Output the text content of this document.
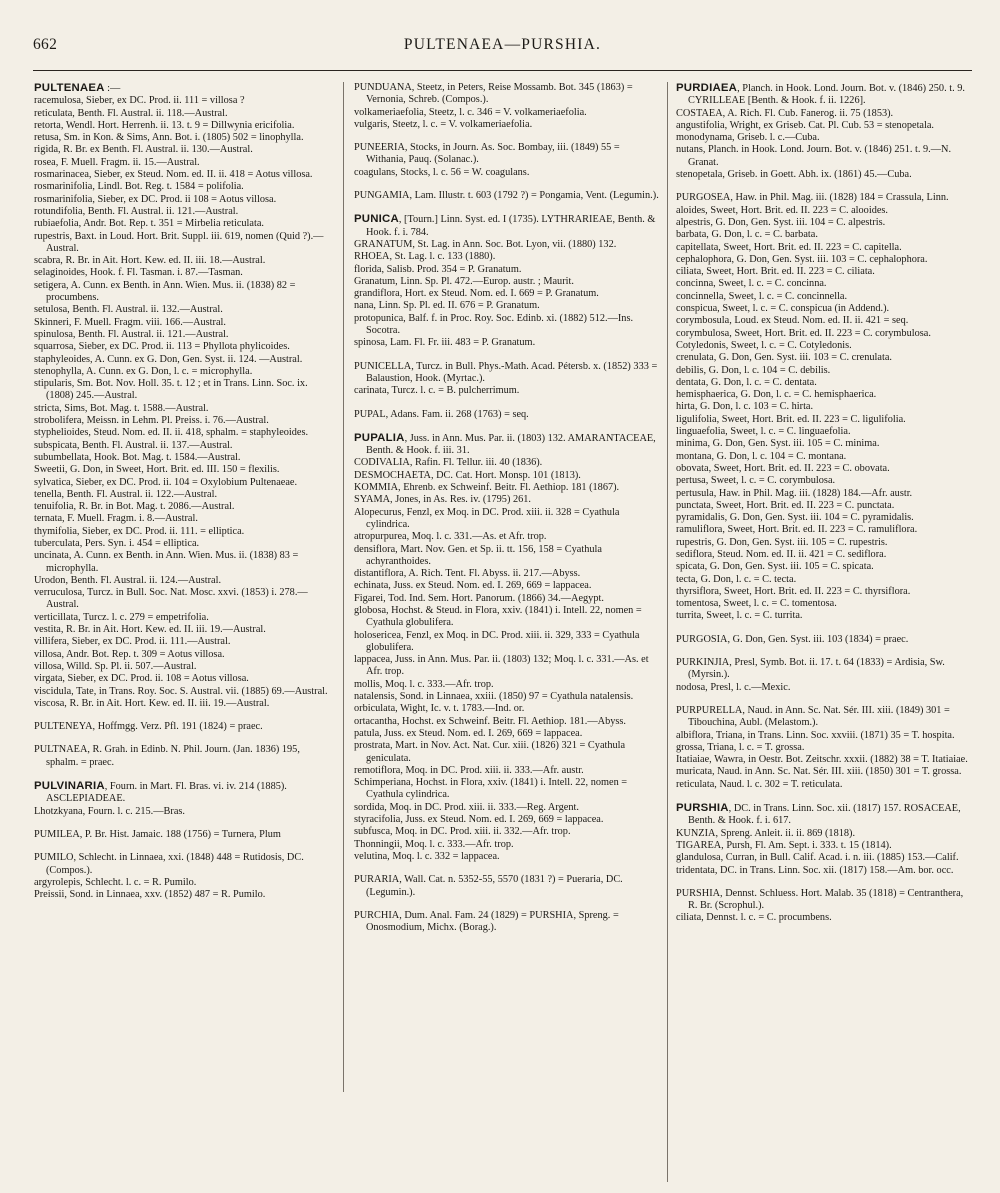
662	PULTENAEA—PURSHIA.

PULTENAEA :—

racemulosa, Sieber, ex DC. Prod. ii. 111 = villosa ?

reticulata, Benth. Fl. Austral. ii. 118.—Austral.

retorta, Wendl. Hort. Herrenh. ii. 13. t. 9 = Dillwynia ericifolia.

retusa, Sm. in Kon. & Sims, Ann. Bot. i. (1805) 502 = linophylla.

rigida, R. Br. ex Benth. Fl. Austral. ii. 130.—Austral.

rosea, F. Muell. Fragm. ii. 15.—Austral.

rosmarinacea, Sieber, ex Steud. Nom. ed. II. ii. 418 = Aotus villosa.

rosmarinifolia, Lindl. Bot. Reg. t. 1584 = polifolia.

rosmarinifolia, Sieber, ex DC. Prod. ii 108 = Aotus villosa.

rotundifolia, Benth. Fl. Austral. ii. 121.—Austral.

rubiaefolia, Andr. Bot. Rep. t. 351 = Mirbelia reticulata.

rupestris, Baxt. in Loud. Hort. Brit. Suppl. iii. 619, nomen (Quid ?).—Austral.

scabra, R. Br. in Ait. Hort. Kew. ed. II. iii. 18.—Austral.

selaginoides, Hook. f. Fl. Tasman. i. 87.—Tasman.

setigera, A. Cunn. ex Benth. in Ann. Wien. Mus. ii. (1838) 82 = procumbens.

setulosa, Benth. Fl. Austral. ii. 132.—Austral.

Skinneri, F. Muell. Fragm. viii. 166.—Austral.

spinulosa, Benth. Fl. Austral. ii. 121.—Austral.

squarrosa, Sieber, ex DC. Prod. ii. 113 = Phyllota phylicoides.

staphyleoides, A. Cunn. ex G. Don, Gen. Syst. ii. 124. —Austral.

stenophylla, A. Cunn. ex G. Don, l. c. = microphylla.

stipularis, Sm. Bot. Nov. Holl. 35. t. 12 ; et in Trans. Linn. Soc. ix. (1808) 245.—Austral.

stricta, Sims, Bot. Mag. t. 1588.—Austral.

strobolifera, Meissn. in Lehm. Pl. Preiss. i. 76.—Austral.

styphelioides, Steud. Nom. ed. II. ii. 418, sphalm. = staphyleoides.

subspicata, Benth. Fl. Austral. ii. 137.—Austral.

subumbellata, Hook. Bot. Mag. t. 1584.—Austral.

Sweetii, G. Don, in Sweet, Hort. Brit. ed. III. 150 = flexilis.

sylvatica, Sieber, ex DC. Prod. ii. 104 = Oxylobium Pultenaeae.

tenella, Benth. Fl. Austral. ii. 122.—Austral.

tenuifolia, R. Br. in Bot. Mag. t. 2086.—Austral.

ternata, F. Muell. Fragm. i. 8.—Austral.

thymifolia, Sieber, ex DC. Prod. ii. 111. = elliptica.

tuberculata, Pers. Syn. i. 454 = elliptica.

uncinata, A. Cunn. ex Benth. in Ann. Wien. Mus. ii. (1838) 83 = microphylla.

Urodon, Benth. Fl. Austral. ii. 124.—Austral.

verruculosa, Turcz. in Bull. Soc. Nat. Mosc. xxvi. (1853) i. 278.—Austral.

verticillata, Turcz. l. c. 279 = empetrifolia.

vestita, R. Br. in Ait. Hort. Kew. ed. II. iii. 19.—Austral.

villifera, Sieber, ex DC. Prod. ii. 111.—Austral.

villosa, Andr. Bot. Rep. t. 309 = Aotus villosa.

villosa, Willd. Sp. Pl. ii. 507.—Austral.

virgata, Sieber, ex DC. Prod. ii. 108 = Aotus villosa.

viscidula, Tate, in Trans. Roy. Soc. S. Austral. vii. (1885) 69.—Austral.

viscosa, R. Br. in Ait. Hort. Kew. ed. II. iii. 19.—Austral.

PULTENEYA, Hoffmgg. Verz. Pfl. 191 (1824) = praec.

PULTNAEA, R. Grah. in Edinb. N. Phil. Journ. (Jan. 1836) 195, sphalm. = praec.

PULVINARIA, Fourn. in Mart. Fl. Bras. vi. iv. 214 (1885). ASCLEPIADEAE.

Lhotzkyana, Fourn. l. c. 215.—Bras.

PUMILEA, P. Br. Hist. Jamaic. 188 (1756) = Turnera, Plum

PUMILO, Schlecht. in Linnaea, xxi. (1848) 448 = Rutidosis, DC. (Compos.).

argyrolepis, Schlecht. l. c. = R. Pumilo.

Preissii, Sond. in Linnaea, xxv. (1852) 487 = R. Pumilo.

PUNDUANA, Steetz, in Peters, Reise Mossamb. Bot. 345 (1863) = Vernonia, Schreb. (Compos.).

volkameriaefolia, Steetz, l. c. 346 = V. volkameriaefolia.

vulgaris, Steetz, l. c. = V. volkameriaefolia.

PUNEERIA, Stocks, in Journ. As. Soc. Bombay, iii. (1849) 55 = Withania, Pauq. (Solanac.).

coagulans, Stocks, l. c. 56 = W. coagulans.

PUNGAMIA, Lam. Illustr. t. 603 (1792 ?) = Pongamia, Vent. (Legumin.).

PUNICA, [Tourn.] Linn. Syst. ed. I (1735). LYTHRARIEAE, Benth. & Hook. f. i. 784.

GRANATUM, St. Lag. in Ann. Soc. Bot. Lyon, vii. (1880) 132.

RHOEA, St. Lag. l. c. 133 (1880).

florida, Salisb. Prod. 354 = P. Granatum.

Granatum, Linn. Sp. Pl. 472.—Europ. austr. ; Maurit.

grandiflora, Hort. ex Steud. Nom. ed. I. 669 = P. Granatum.

nana, Linn. Sp. Pl. ed. II. 676 = P. Granatum.

protopunica, Balf. f. in Proc. Roy. Soc. Edinb. xi. (1882) 512.—Ins. Socotra.

spinosa, Lam. Fl. Fr. iii. 483 = P. Granatum.

PUNICELLA, Turcz. in Bull. Phys.-Math. Acad. Pétersb. x. (1852) 333 = Balaustion, Hook. (Myrtac.).

carinata, Turcz. l. c. = B. pulcherrimum.

PUPAL, Adans. Fam. ii. 268 (1763) = seq.

PUPALIA, Juss. in Ann. Mus. Par. ii. (1803) 132. AMARANTACEAE, Benth. & Hook. f. iii. 31.

CODIVALIA, Rafin. Fl. Tellur. iii. 40 (1836).

DESMOCHAETA, DC. Cat. Hort. Monsp. 101 (1813).

KOMMIA, Ehrenb. ex Schweinf. Beitr. Fl. Aethiop. 181 (1867).

SYAMA, Jones, in As. Res. iv. (1795) 261.

Alopecurus, Fenzl, ex Moq. in DC. Prod. xiii. ii. 328 = Cyathula cylindrica.

atropurpurea, Moq. l. c. 331.—As. et Afr. trop.

densiflora, Mart. Nov. Gen. et Sp. ii. tt. 156, 158 = Cyathula achyranthoides.

distantiflora, A. Rich. Tent. Fl. Abyss. ii. 217.—Abyss.

echinata, Juss. ex Steud. Nom. ed. I. 269, 669 = lappacea.

Figarei, Tod. Ind. Sem. Hort. Panorum. (1866) 34.—Aegypt.

globosa, Hochst. & Steud. in Flora, xxiv. (1841) i. Intell. 22, nomen = Cyathula globulifera.

holosericea, Fenzl, ex Moq. in DC. Prod. xiii. ii. 329, 333 = Cyathula globulifera.

lappacea, Juss. in Ann. Mus. Par. ii. (1803) 132; Moq. l. c. 331.—As. et Afr. trop.

mollis, Moq. l. c. 333.—Afr. trop.

natalensis, Sond. in Linnaea, xxiii. (1850) 97 = Cyathula natalensis.

orbiculata, Wight, Ic. v. t. 1783.—Ind. or.

ortacantha, Hochst. ex Schweinf. Beitr. Fl. Aethiop. 181.—Abyss.

patula, Juss. ex Steud. Nom. ed. I. 269, 669 = lappacea.

prostrata, Mart. in Nov. Act. Nat. Cur. xiii. (1826) 321 = Cyathula geniculata.

remotiflora, Moq. in DC. Prod. xiii. ii. 333.—Afr. austr.

Schimperiana, Hochst. in Flora, xxiv. (1841) i. Intell. 22, nomen = Cyathula cylindrica.

sordida, Moq. in DC. Prod. xiii. ii. 333.—Reg. Argent.

styracifolia, Juss. ex Steud. Nom. ed. I. 269, 669 = lappacea.

subfusca, Moq. in DC. Prod. xiii. ii. 332.—Afr. trop.

Thonningii, Moq. l. c. 333.—Afr. trop.

velutina, Moq. l. c. 332 = lappacea.

PURARIA, Wall. Cat. n. 5352-55, 5570 (1831 ?) = Pueraria, DC. (Legumin.).

PURCHIA, Dum. Anal. Fam. 24 (1829) = PURSHIA, Spreng. = Onosmodium, Michx. (Borag.).

PURDIAEA, Planch. in Hook. Lond. Journ. Bot. v. (1846) 250. t. 9. CYRILLEAE [Benth. & Hook. f. ii. 1226].

COSTAEA, A. Rich. Fl. Cub. Fanerog. ii. 75 (1853).

angustifolia, Wright, ex Griseb. Cat. Pl. Cub. 53 = stenopetala.

monodynama, Griseb. l. c.—Cuba.

nutans, Planch. in Hook. Lond. Journ. Bot. v. (1846) 251. t. 9.—N. Granat.

stenopetala, Griseb. in Goett. Abh. ix. (1861) 45.—Cuba.

PURGOSEA, Haw. in Phil. Mag. iii. (1828) 184 = Crassula, Linn.

aloides, Sweet, Hort. Brit. ed. II. 223 = C. alooides.

alpestris, G. Don, Gen. Syst. iii. 104 = C. alpestris.

barbata, G. Don, l. c. = C. barbata.

capitellata, Sweet, Hort. Brit. ed. II. 223 = C. capitella.

cephalophora, G. Don, Gen. Syst. iii. 103 = C. cephalophora.

ciliata, Sweet, Hort. Brit. ed. II. 223 = C. ciliata.

concinna, Sweet, l. c. = C. concinna.

concinnella, Sweet, l. c. = C. concinnella.

conspicua, Sweet, l. c. = C. conspicua (in Addend.).

corymbosula, Loud. ex Steud. Nom. ed. II. ii. 421 = seq.

corymbulosa, Sweet, Hort. Brit. ed. II. 223 = C. corymbulosa.

Cotyledonis, Sweet, l. c. = C. Cotyledonis.

crenulata, G. Don, Gen. Syst. iii. 103 = C. crenulata.

debilis, G. Don, l. c. 104 = C. debilis.

dentata, G. Don, l. c. = C. dentata.

hemisphaerica, G. Don, l. c. = C. hemisphaerica.

hirta, G. Don, l. c. 103 = C. hirta.

ligulifolia, Sweet, Hort. Brit. ed. II. 223 = C. ligulifolia.

linguaefolia, Sweet, l. c. = C. linguaefolia.

minima, G. Don, Gen. Syst. iii. 105 = C. minima.

montana, G. Don, l. c. 104 = C. montana.

obovata, Sweet, Hort. Brit. ed. II. 223 = C. obovata.

pertusa, Sweet, l. c. = C. corymbulosa.

pertusula, Haw. in Phil. Mag. iii. (1828) 184.—Afr. austr.

punctata, Sweet, Hort. Brit. ed. II. 223 = C. punctata.

pyramidalis, G. Don, Gen. Syst. iii. 104 = C. pyramidalis.

ramuliflora, Sweet, Hort. Brit. ed. II. 223 = C. ramuliflora.

rupestris, G. Don, Gen. Syst. iii. 105 = C. rupestris.

sediflora, Steud. Nom. ed. II. ii. 421 = C. sediflora.

spicata, G. Don, Gen. Syst. iii. 105 = C. spicata.

tecta, G. Don, l. c. = C. tecta.

thyrsiflora, Sweet, Hort. Brit. ed. II. 223 = C. thyrsiflora.

tomentosa, Sweet, l. c. = C. tomentosa.

turrita, Sweet, l. c. = C. turrita.

PURGOSIA, G. Don, Gen. Syst. iii. 103 (1834) = praec.

PURKINJIA, Presl, Symb. Bot. ii. 17. t. 64 (1833) = Ardisia, Sw. (Myrsin.).

nodosa, Presl, l. c.—Mexic.

PURPURELLA, Naud. in Ann. Sc. Nat. Sér. III. xiii. (1849) 301 = Tibouchina, Aubl. (Melastom.).

albiflora, Triana, in Trans. Linn. Soc. xxviii. (1871) 35 = T. hospita.

grossa, Triana, l. c. = T. grossa.

Itatiaiae, Wawra, in Oestr. Bot. Zeitschr. xxxii. (1882) 38 = T. Itatiaiae.

muricata, Naud. in Ann. Sc. Nat. Sér. III. xiii. (1850) 301 = T. grossa.

reticulata, Naud. l. c. 302 = T. reticulata.

PURSHIA, DC. in Trans. Linn. Soc. xii. (1817) 157. ROSACEAE, Benth. & Hook. f. i. 617.

KUNZIA, Spreng. Anleit. ii. ii. 869 (1818).

TIGAREA, Pursh, Fl. Am. Sept. i. 333. t. 15 (1814).

glandulosa, Curran, in Bull. Calif. Acad. i. n. iii. (1885) 153.—Calif.

tridentata, DC. in Trans. Linn. Soc. xii. (1817) 158.—Am. bor. occ.

PURSHIA, Dennst. Schluess. Hort. Malab. 35 (1818) = Centranthera, R. Br. (Scrophul.).

ciliata, Dennst. l. c. = C. procumbens.
